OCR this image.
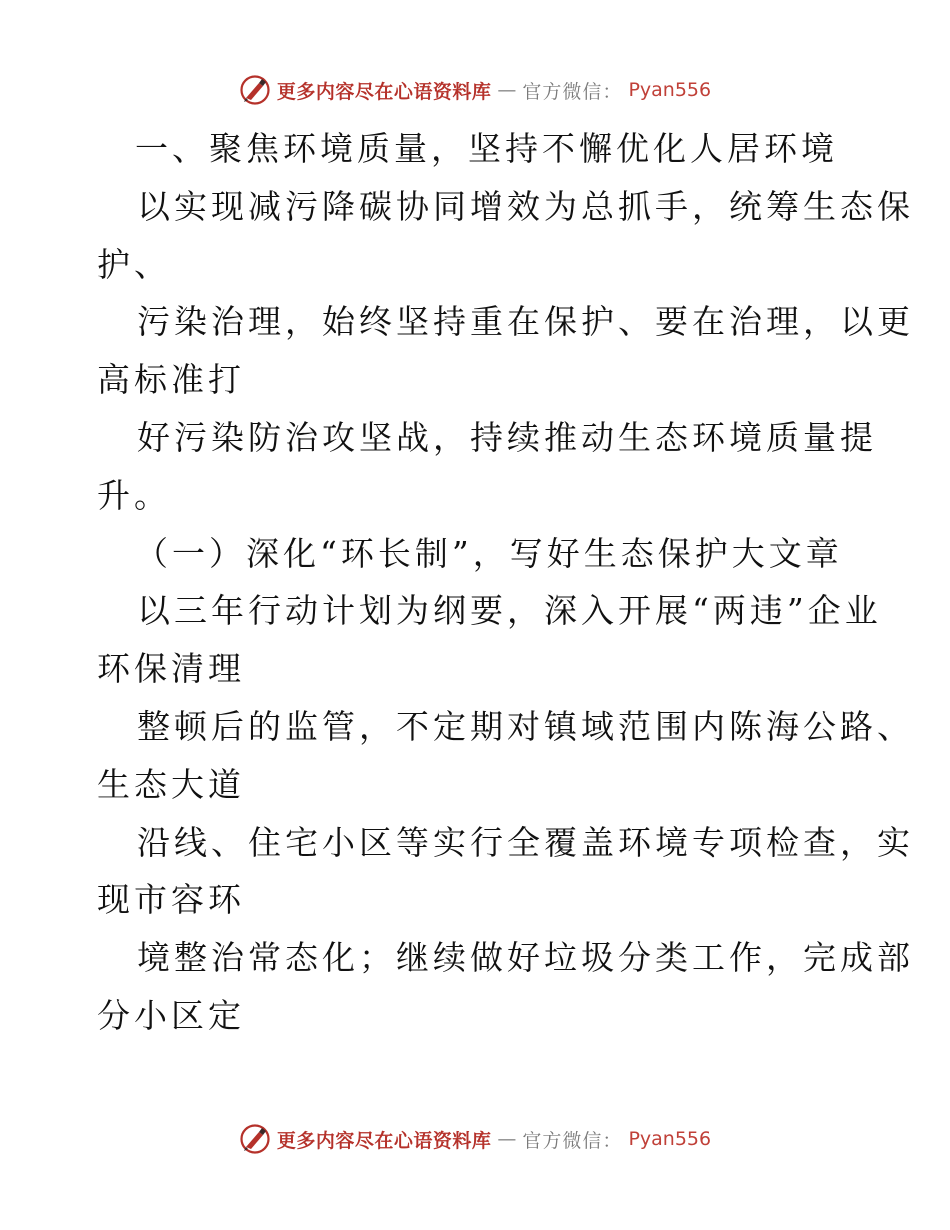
更多内容尽在心语资料库 — 官方微信： Pyan556
一、聚焦环境质量，坚持不懈优化人居环境
以实现减污降碳协同增效为总抓手，统筹生态保
护、
污染治理，始终坚持重在保护、要在治理，以更
高标准打
好污染防治攻坚战，持续推动生态环境质量提
升。
（一）深化“环长制”，写好生态保护大文章
以三年行动计划为纲要，深入开展“两违”企业
环保清理
整顿后的监管，不定期对镇域范围内陈海公路、
生态大道
沿线、住宅小区等实行全覆盖环境专项检查，实
现市容环
境整治常态化；继续做好垃圾分类工作，完成部
分小区定
更多内容尽在心语资料库 — 官方微信： Pyan556
